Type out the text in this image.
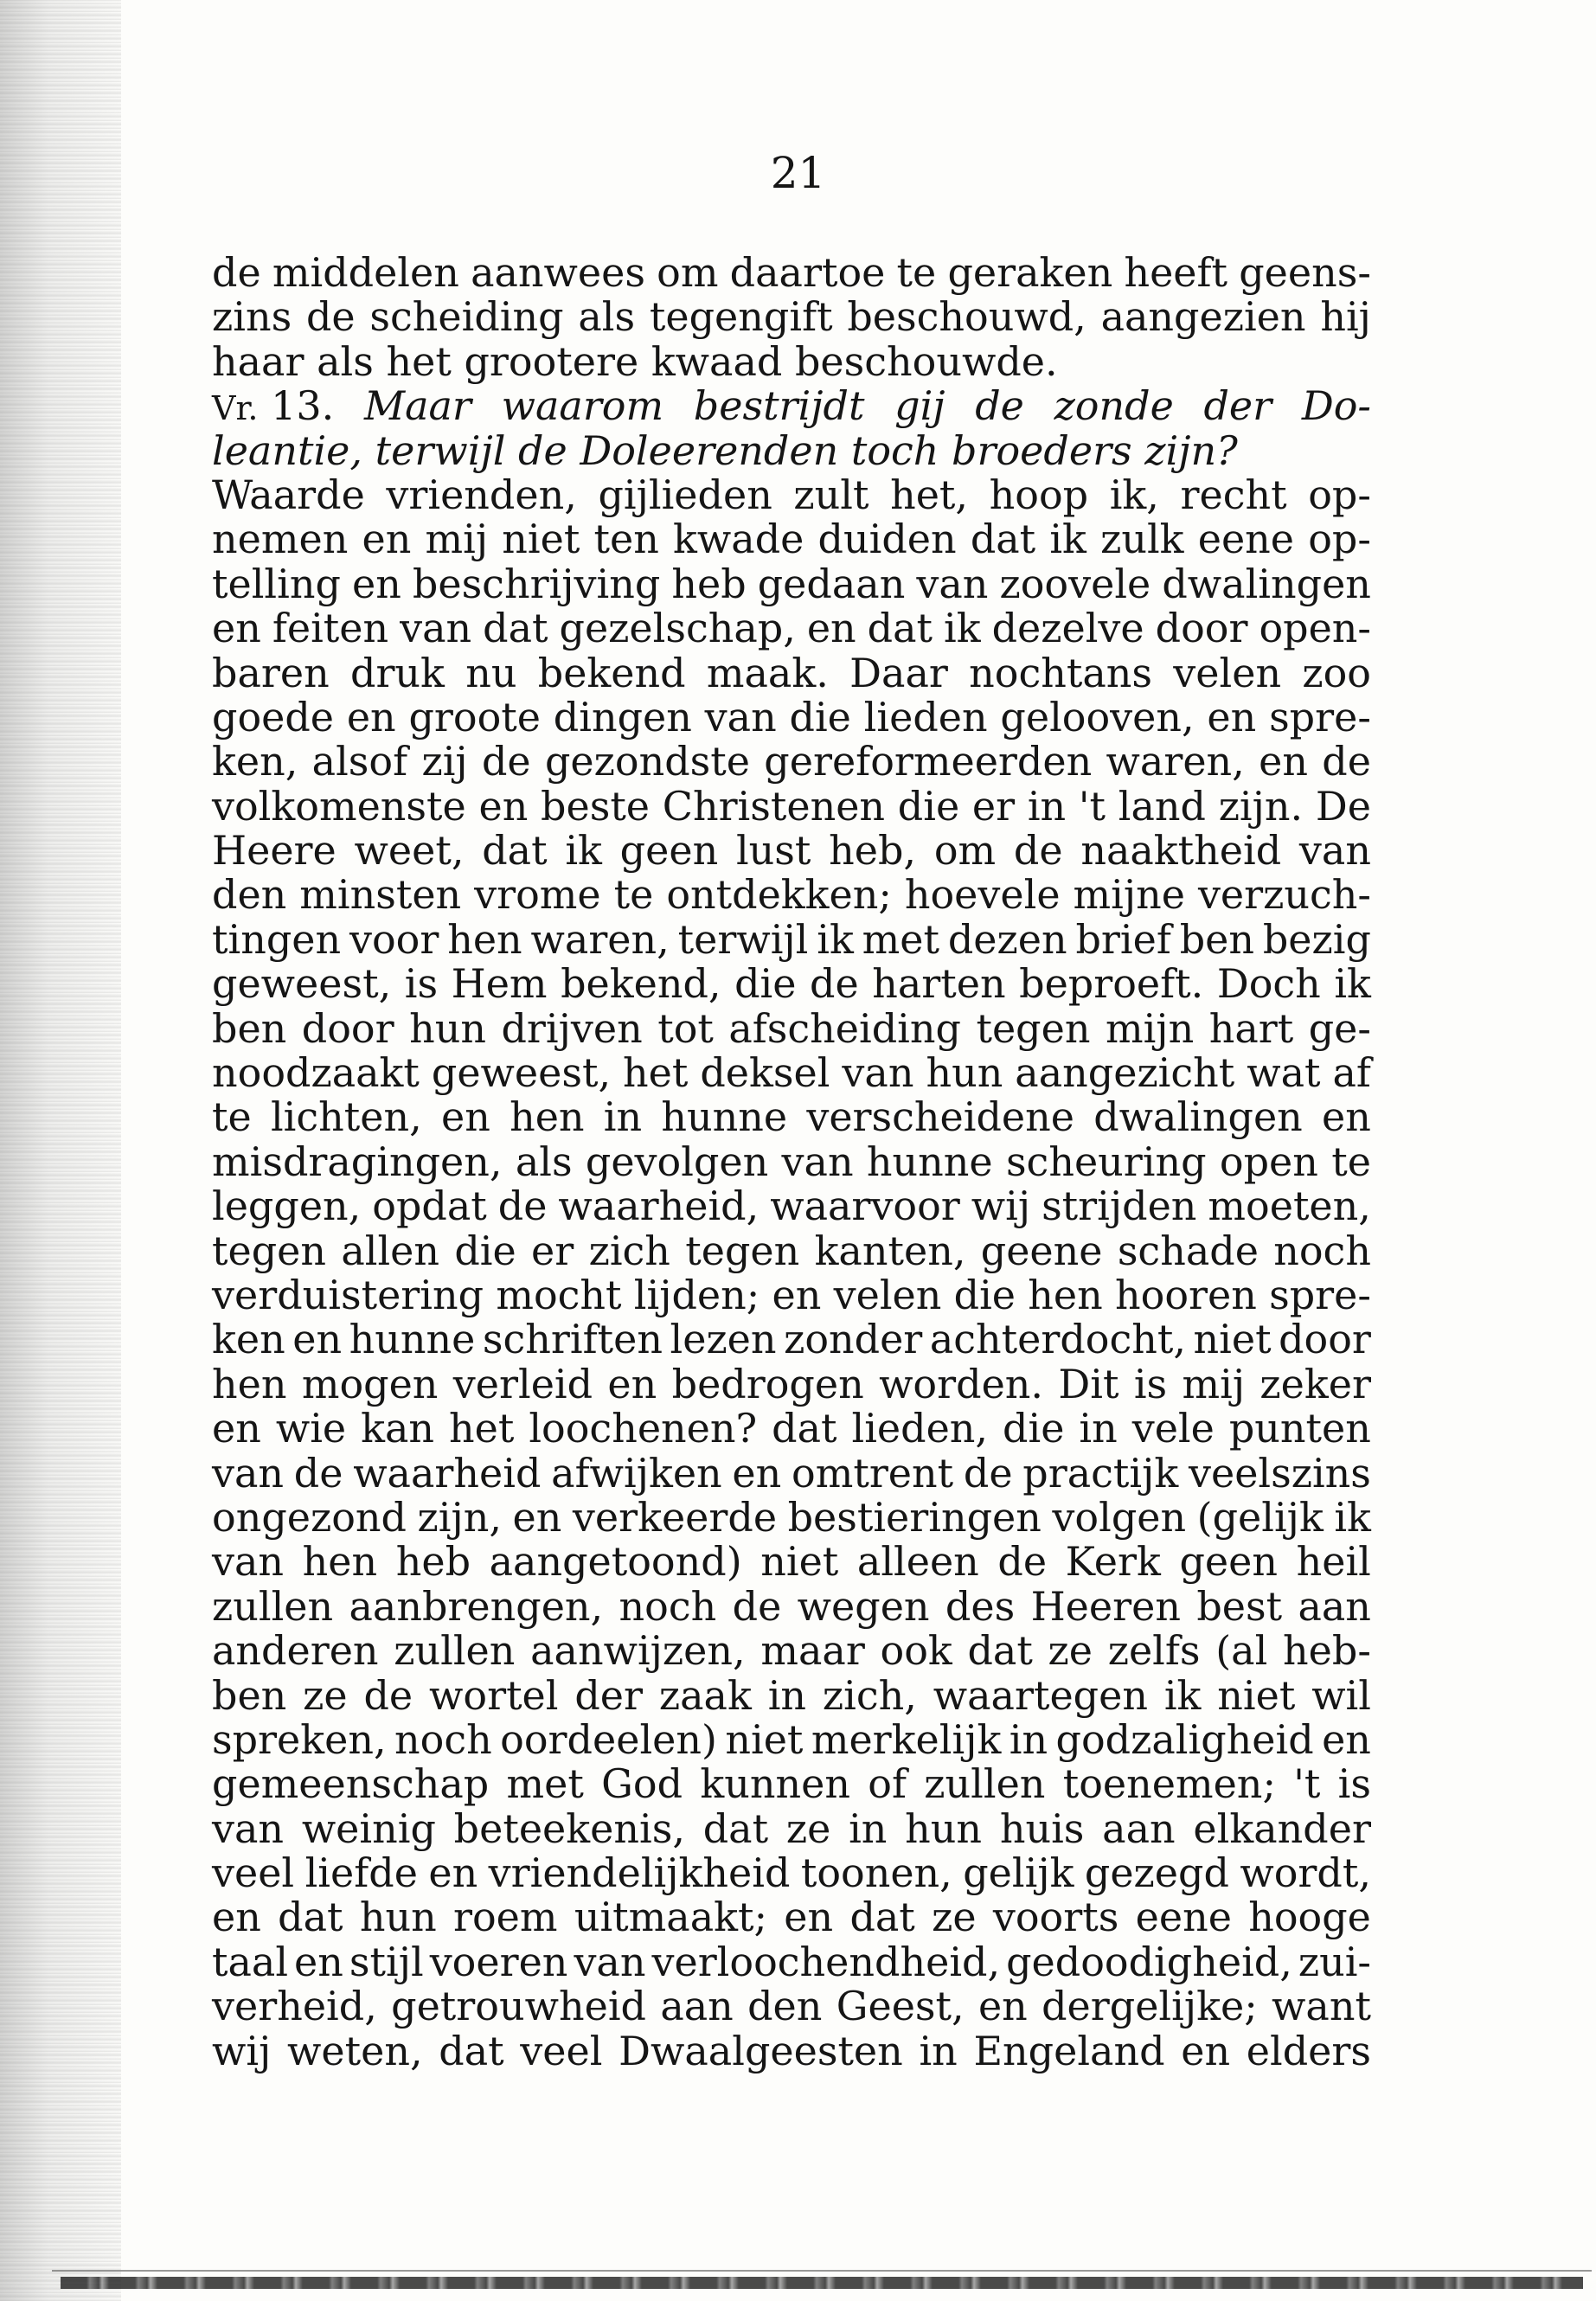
21
de middelen aanwees om daartoe te geraken heeft geens-
zins de scheiding als tegengift beschouwd, aangezien hij
haar
als
het
grootere
kwaad
beschouwde.
Vr. 13. Maar waarom bestrijdt gij de zonde der Do-
leantie,
terwijl
de
Doleerenden
toch
broeders
zijn?
Waarde vrienden, gijlieden zult het, hoop ik, recht op-
nemen en mij niet ten kwade duiden dat ik zulk eene op-
telling en beschrijving heb gedaan van zoovele dwalingen
en feiten van dat gezelschap, en dat ik dezelve door open-
baren druk nu bekend maak. Daar nochtans velen zoo
goede en groote dingen van die lieden gelooven, en spre-
ken, alsof zij de gezondste gereformeerden waren, en de
volkomenste en beste Christenen die er in 't land zijn. De
Heere weet, dat ik geen lust heb, om de naaktheid van
den minsten vrome te ontdekken; hoevele mijne verzuch-
tingen voor hen waren, terwijl ik met dezen brief ben bezig
geweest, is Hem bekend, die de harten beproeft. Doch ik
ben door hun drijven tot afscheiding tegen mijn hart ge-
noodzaakt geweest, het deksel van hun aangezicht wat af
te lichten, en hen in hunne verscheidene dwalingen en
misdragingen, als gevolgen van hunne scheuring open te
leggen, opdat de waarheid, waarvoor wij strijden moeten,
tegen allen die er zich tegen kanten, geene schade noch
verduistering mocht lijden; en velen die hen hooren spre-
ken en hunne schriften lezen zonder achterdocht, niet door
hen mogen verleid en bedrogen worden. Dit is mij zeker
en wie kan het loochenen? dat lieden, die in vele punten
van de waarheid afwijken en omtrent de practijk veelszins
ongezond zijn, en verkeerde bestieringen volgen (gelijk ik
van hen heb aangetoond) niet alleen de Kerk geen heil
zullen aanbrengen, noch de wegen des Heeren best aan
anderen zullen aanwijzen, maar ook dat ze zelfs (al heb-
ben ze de wortel der zaak in zich, waartegen ik niet wil
spreken, noch oordeelen) niet merkelijk in godzaligheid en
gemeenschap met God kunnen of zullen toenemen; 't is
van weinig beteekenis, dat ze in hun huis aan elkander
veel liefde en vriendelijkheid toonen, gelijk gezegd wordt,
en dat hun roem uitmaakt; en dat ze voorts eene hooge
taal en stijl voeren van verloochendheid, gedoodigheid, zui-
verheid, getrouwheid aan den Geest, en dergelijke; want
wij weten, dat veel Dwaalgeesten in Engeland en elders
